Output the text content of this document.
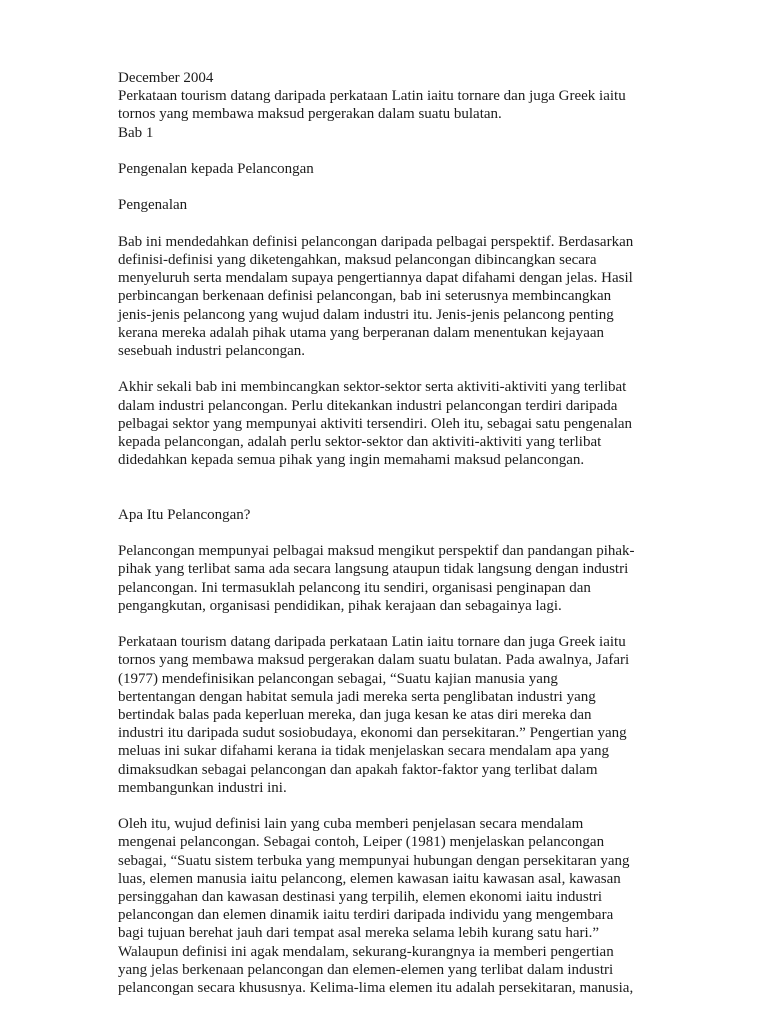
December 2004
Perkataan tourism datang daripada perkataan Latin iaitu tornare dan juga Greek iaitu
tornos yang membawa maksud pergerakan dalam suatu bulatan.
Bab 1
Pengenalan kepada Pelancongan
Pengenalan
Bab ini mendedahkan definisi pelancongan daripada pelbagai perspektif. Berdasarkan
definisi-definisi yang diketengahkan, maksud pelancongan dibincangkan secara
menyeluruh serta mendalam supaya pengertiannya dapat difahami dengan jelas. Hasil
perbincangan berkenaan definisi pelancongan, bab ini seterusnya membincangkan
jenis-jenis pelancong yang wujud dalam industri itu. Jenis-jenis pelancong penting
kerana mereka adalah pihak utama yang berperanan dalam menentukan kejayaan
sesebuah industri pelancongan.
Akhir sekali bab ini membincangkan sektor-sektor serta aktiviti-aktiviti yang terlibat
dalam industri pelancongan. Perlu ditekankan industri pelancongan terdiri daripada
pelbagai sektor yang mempunyai aktiviti tersendiri. Oleh itu, sebagai satu pengenalan
kepada pelancongan, adalah perlu sektor-sektor dan aktiviti-aktiviti yang terlibat
didedahkan kepada semua pihak yang ingin memahami maksud pelancongan.
Apa Itu Pelancongan?
Pelancongan mempunyai pelbagai maksud mengikut perspektif dan pandangan pihak-
pihak yang terlibat sama ada secara langsung ataupun tidak langsung dengan industri
pelancongan. Ini termasuklah pelancong itu sendiri, organisasi penginapan dan
pengangkutan, organisasi pendidikan, pihak kerajaan dan sebagainya lagi.
Perkataan tourism datang daripada perkataan Latin iaitu tornare dan juga Greek iaitu
tornos yang membawa maksud pergerakan dalam suatu bulatan. Pada awalnya, Jafari
(1977) mendefinisikan pelancongan sebagai, “Suatu kajian manusia yang
bertentangan dengan habitat semula jadi mereka serta penglibatan industri yang
bertindak balas pada keperluan mereka, dan juga kesan ke atas diri mereka dan
industri itu daripada sudut sosiobudaya, ekonomi dan persekitaran.” Pengertian yang
meluas ini sukar difahami kerana ia tidak menjelaskan secara mendalam apa yang
dimaksudkan sebagai pelancongan dan apakah faktor-faktor yang terlibat dalam
membangunkan industri ini.
Oleh itu, wujud definisi lain yang cuba memberi penjelasan secara mendalam
mengenai pelancongan. Sebagai contoh, Leiper (1981) menjelaskan pelancongan
sebagai, “Suatu sistem terbuka yang mempunyai hubungan dengan persekitaran yang
luas, elemen manusia iaitu pelancong, elemen kawasan iaitu kawasan asal, kawasan
persinggahan dan kawasan destinasi yang terpilih, elemen ekonomi iaitu industri
pelancongan dan elemen dinamik iaitu terdiri daripada individu yang mengembara
bagi tujuan berehat jauh dari tempat asal mereka selama lebih kurang satu hari.”
Walaupun definisi ini agak mendalam, sekurang-kurangnya ia memberi pengertian
yang jelas berkenaan pelancongan dan elemen-elemen yang terlibat dalam industri
pelancongan secara khususnya. Kelima-lima elemen itu adalah persekitaran, manusia,
